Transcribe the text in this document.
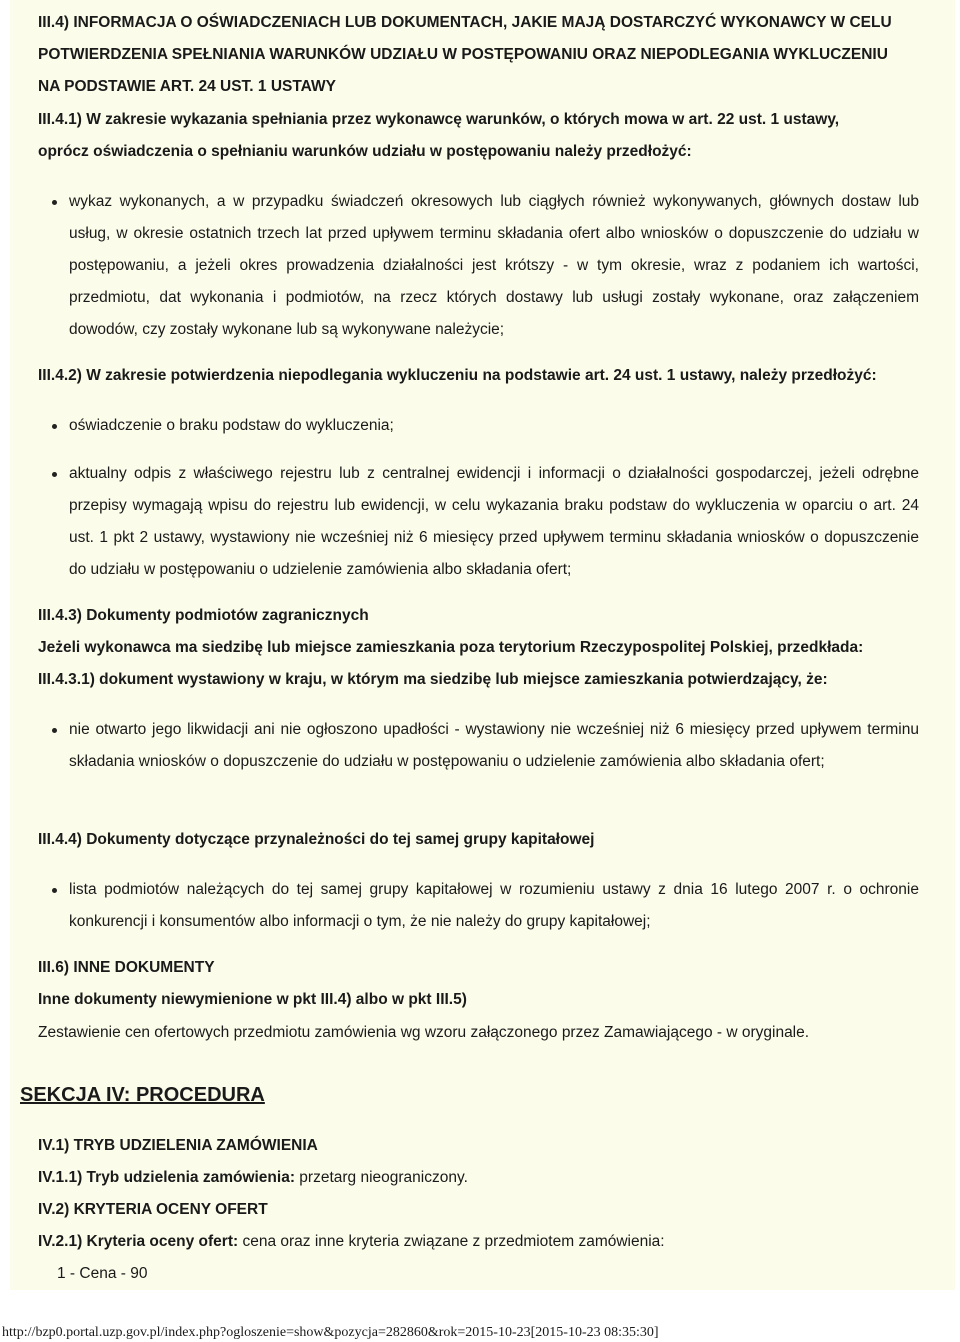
III.4) INFORMACJA O OŚWIADCZENIACH LUB DOKUMENTACH, JAKIE MAJĄ DOSTARCZYĆ WYKONAWCY W CELU
POTWIERDZENIA SPEŁNIANIA WARUNKÓW UDZIAŁU W POSTĘPOWANIU ORAZ NIEPODLEGANIA WYKLUCZENIU
NA PODSTAWIE ART. 24 UST. 1 USTAWY
III.4.1) W zakresie wykazania spełniania przez wykonawcę warunków, o których mowa w art. 22 ust. 1 ustawy,
oprócz oświadczenia o spełnianiu warunków udziału w postępowaniu należy przedłożyć:
wykaz wykonanych, a w przypadku świadczeń okresowych lub ciągłych również wykonywanych, głównych dostaw lub usług, w okresie ostatnich trzech lat przed upływem terminu składania ofert albo wniosków o dopuszczenie do udziału w postępowaniu, a jeżeli okres prowadzenia działalności jest krótszy - w tym okresie, wraz z podaniem ich wartości, przedmiotu, dat wykonania i podmiotów, na rzecz których dostawy lub usługi zostały wykonane, oraz załączeniem dowodów, czy zostały wykonane lub są wykonywane należycie;
III.4.2) W zakresie potwierdzenia niepodlegania wykluczeniu na podstawie art. 24 ust. 1 ustawy, należy przedłożyć:
oświadczenie o braku podstaw do wykluczenia;
aktualny odpis z właściwego rejestru lub z centralnej ewidencji i informacji o działalności gospodarczej, jeżeli odrębne przepisy wymagają wpisu do rejestru lub ewidencji, w celu wykazania braku podstaw do wykluczenia w oparciu o art. 24 ust. 1 pkt 2 ustawy, wystawiony nie wcześniej niż 6 miesięcy przed upływem terminu składania wniosków o dopuszczenie do udziału w postępowaniu o udzielenie zamówienia albo składania ofert;
III.4.3) Dokumenty podmiotów zagranicznych
Jeżeli wykonawca ma siedzibę lub miejsce zamieszkania poza terytorium Rzeczypospolitej Polskiej, przedkłada:
III.4.3.1) dokument wystawiony w kraju, w którym ma siedzibę lub miejsce zamieszkania potwierdzający, że:
nie otwarto jego likwidacji ani nie ogłoszono upadłości - wystawiony nie wcześniej niż 6 miesięcy przed upływem terminu składania wniosków o dopuszczenie do udziału w postępowaniu o udzielenie zamówienia albo składania ofert;
III.4.4) Dokumenty dotyczące przynależności do tej samej grupy kapitałowej
lista podmiotów należących do tej samej grupy kapitałowej w rozumieniu ustawy z dnia 16 lutego 2007 r. o ochronie konkurencji i konsumentów albo informacji o tym, że nie należy do grupy kapitałowej;
III.6) INNE DOKUMENTY
Inne dokumenty niewymienione w pkt III.4) albo w pkt III.5)
Zestawienie cen ofertowych przedmiotu zamówienia wg wzoru załączonego przez Zamawiającego - w oryginale.
SEKCJA IV: PROCEDURA
IV.1) TRYB UDZIELENIA ZAMÓWIENIA
IV.1.1) Tryb udzielenia zamówienia: przetarg nieograniczony.
IV.2) KRYTERIA OCENY OFERT
IV.2.1) Kryteria oceny ofert: cena oraz inne kryteria związane z przedmiotem zamówienia:
1 - Cena - 90
http://bzp0.portal.uzp.gov.pl/index.php?ogloszenie=show&pozycja=282860&rok=2015-10-23[2015-10-23 08:35:30]
